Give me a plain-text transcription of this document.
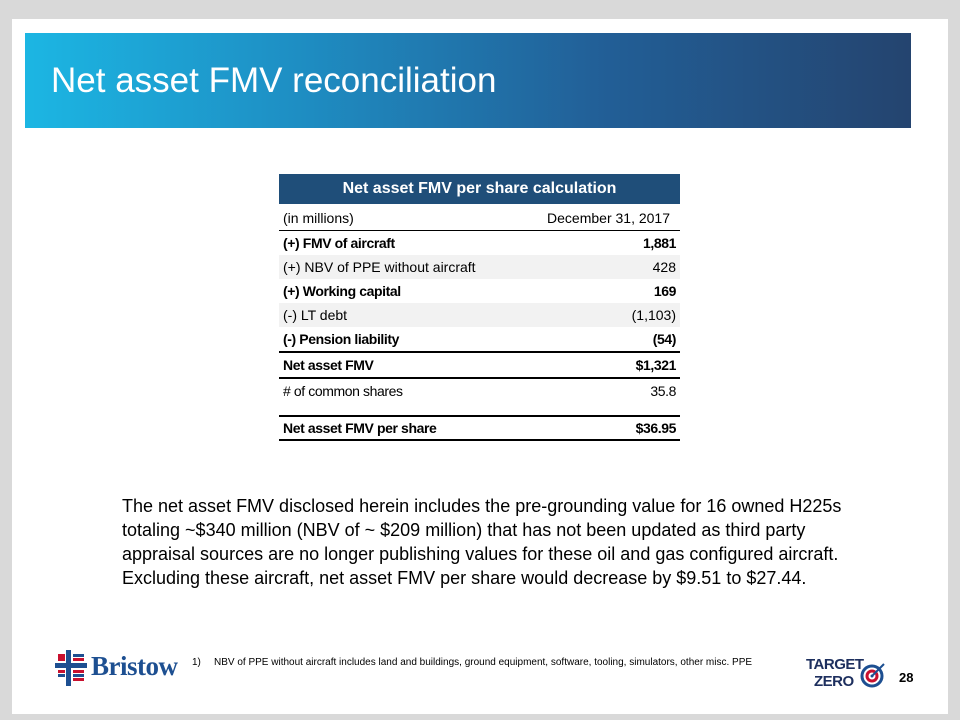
Net asset FMV reconciliation
Net asset FMV per share calculation
(in millions)	December 31, 2017
(+) FMV of aircraft	1,881
(+) NBV of PPE without aircraft	428
(+) Working capital	169
(-) LT debt	(1,103)
(-) Pension liability	(54)
Net asset FMV	$1,321
# of common shares	35.8
Net asset FMV per share	$36.95
The net asset FMV disclosed herein includes the pre-grounding value for 16 owned H225s totaling ~$340 million (NBV of ~ $209 million) that has not been updated as third party appraisal sources are no longer publishing values for these oil and gas configured aircraft. Excluding these aircraft, net asset FMV per share would decrease by $9.51 to $27.44.
Bristow 1) NBV of PPE without aircraft includes land and buildings, ground equipment, software, tooling, simulators, other misc. PPE	TARGET
ZERO	28
